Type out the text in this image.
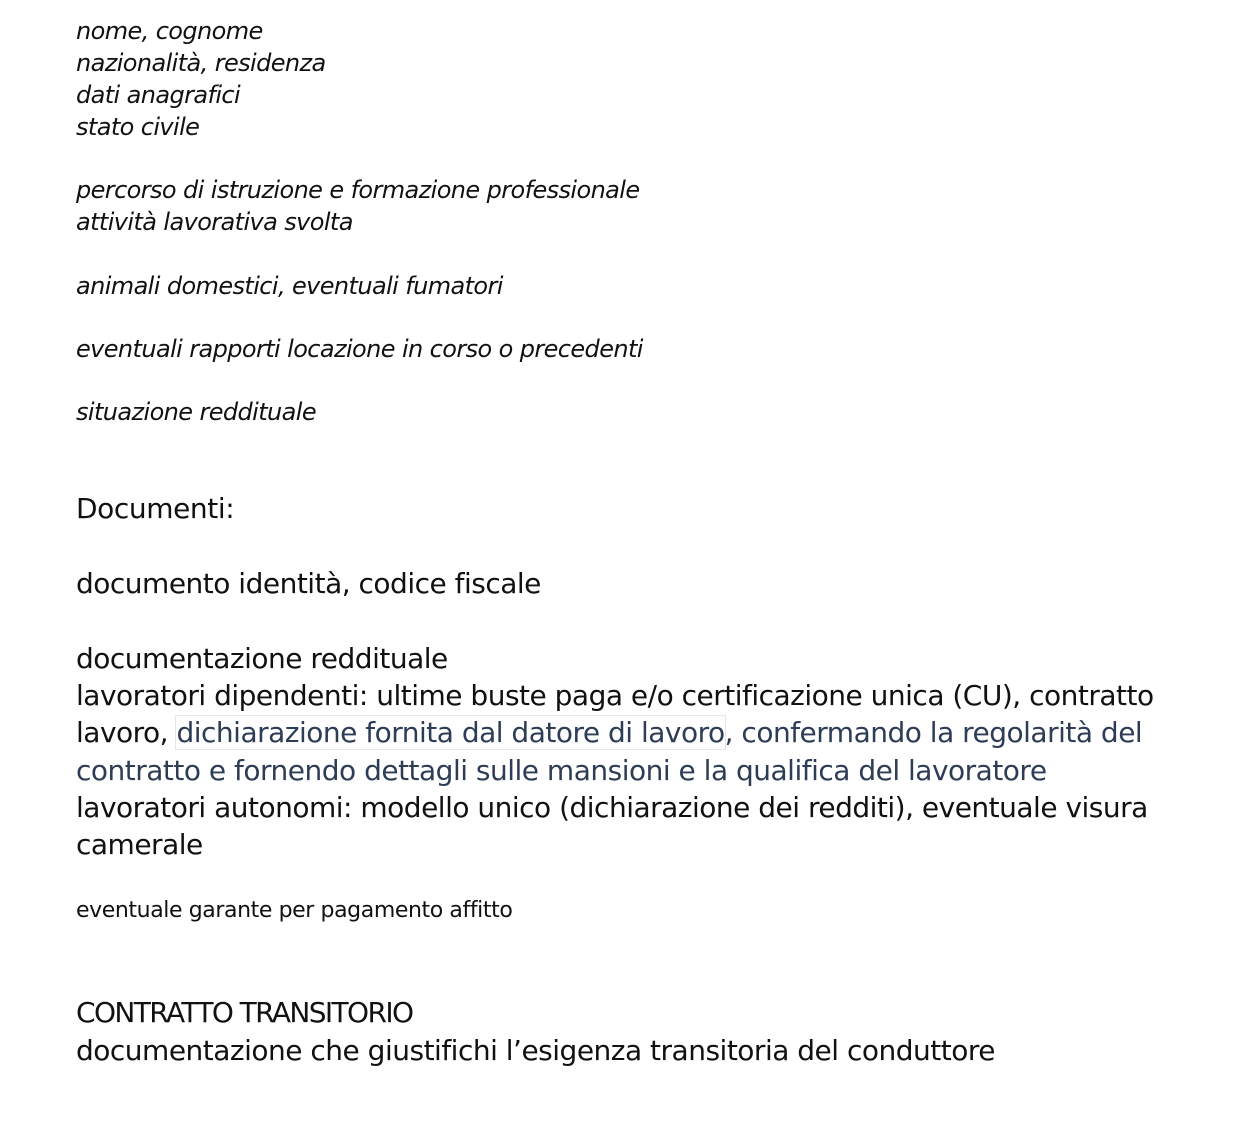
nome, cognome
nazionalità, residenza
dati anagrafici
stato civile
percorso di istruzione e formazione professionale
attività lavorativa svolta
animali domestici, eventuali fumatori
eventuali rapporti locazione in corso o precedenti
situazione reddituale
Documenti:
documento identità, codice fiscale
documentazione reddituale
lavoratori dipendenti: ultime buste paga e/o certificazione unica (CU), contratto
lavoro, dichiarazione fornita dal datore di lavoro, confermando la regolarità del
contratto e fornendo dettagli sulle mansioni e la qualifica del lavoratore
lavoratori autonomi: modello unico (dichiarazione dei redditi), eventuale visura
camerale
eventuale garante per pagamento affitto
CONTRATTO TRANSITORIO
documentazione che giustifichi l’esigenza transitoria del conduttore
